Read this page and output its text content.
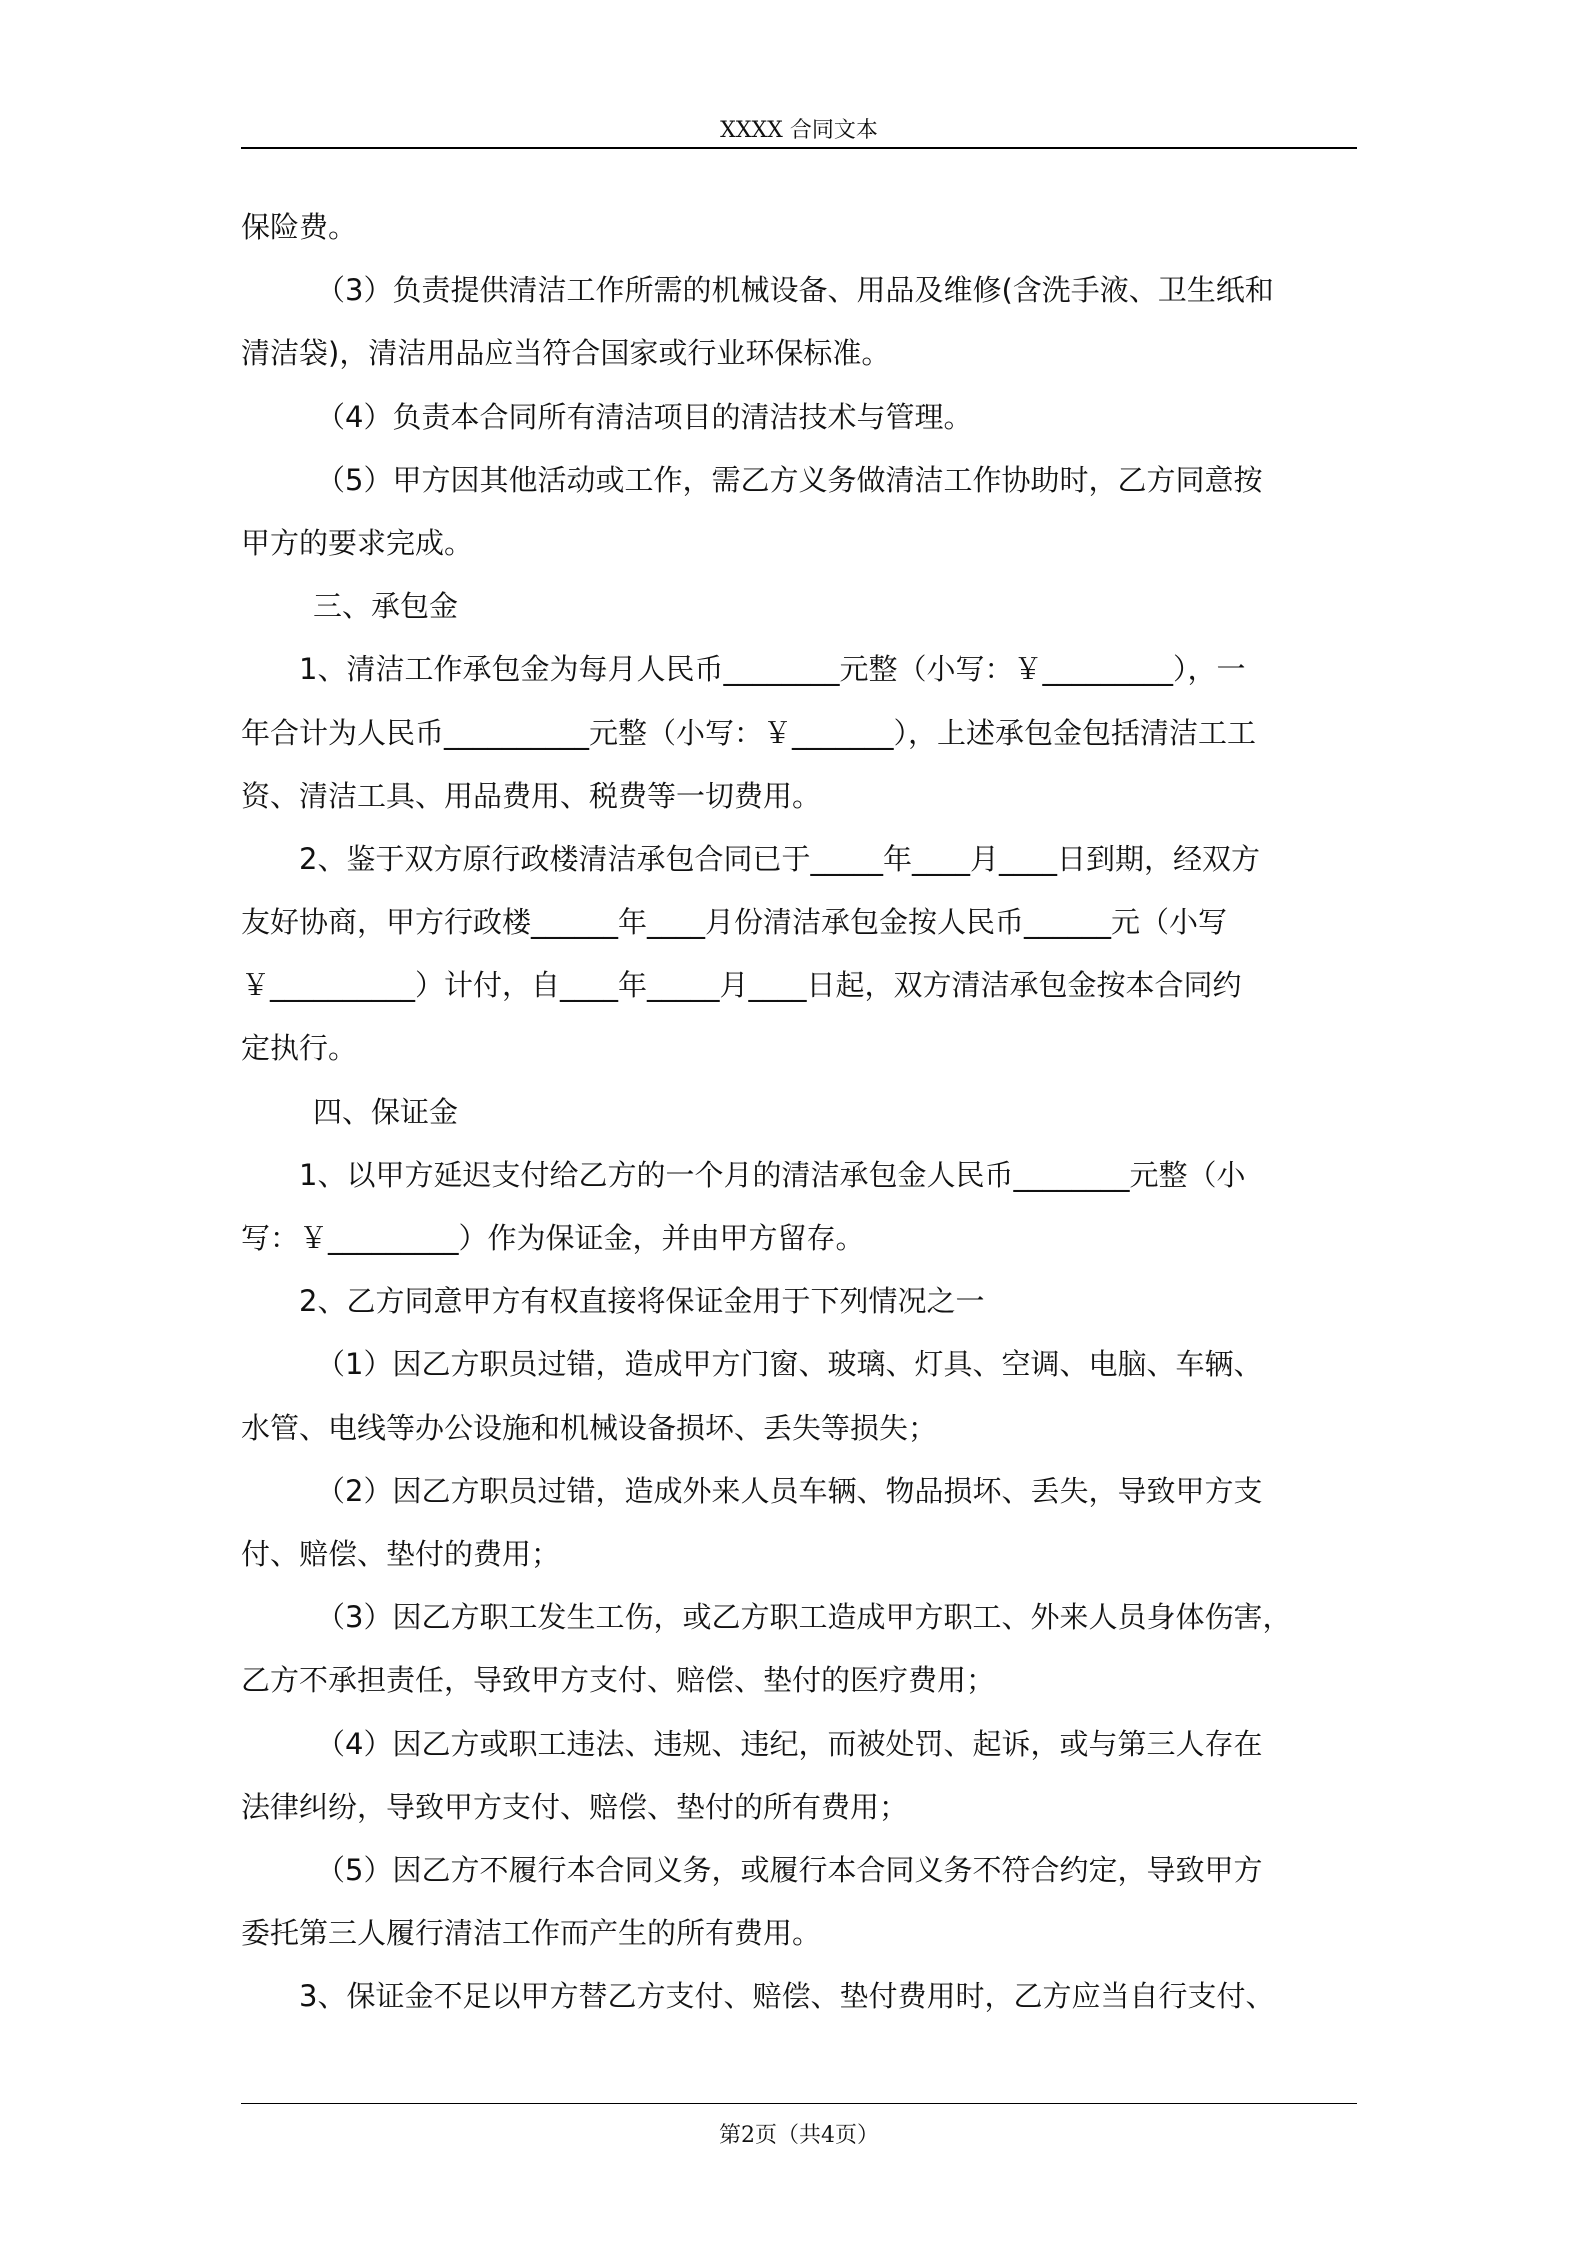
XXXX 合同文本
保险费。
（3）负责提供清洁工作所需的机械设备、用品及维修(含洗手液、卫生纸和
清洁袋)，清洁用品应当符合国家或行业环保标准。
（4）负责本合同所有清洁项目的清洁技术与管理。
（5）甲方因其他活动或工作，需乙方义务做清洁工作协助时，乙方同意按
甲方的要求完成。
三、承包金
1、清洁工作承包金为每月人民币________元整（小写：￥_________），一
年合计为人民币__________元整（小写：￥_______），上述承包金包括清洁工工
资、清洁工具、用品费用、税费等一切费用。
2、鉴于双方原行政楼清洁承包合同已于_____年____月____日到期，经双方
友好协商，甲方行政楼______年____月份清洁承包金按人民币______元（小写
￥__________）计付，自____年_____月____日起，双方清洁承包金按本合同约
定执行。
四、保证金
1、以甲方延迟支付给乙方的一个月的清洁承包金人民币________元整（小
写：￥_________）作为保证金，并由甲方留存。
2、乙方同意甲方有权直接将保证金用于下列情况之一
（1）因乙方职员过错，造成甲方门窗、玻璃、灯具、空调、电脑、车辆、
水管、电线等办公设施和机械设备损坏、丢失等损失；
（2）因乙方职员过错，造成外来人员车辆、物品损坏、丢失，导致甲方支
付、赔偿、垫付的费用；
（3）因乙方职工发生工伤，或乙方职工造成甲方职工、外来人员身体伤害，
乙方不承担责任，导致甲方支付、赔偿、垫付的医疗费用；
（4）因乙方或职工违法、违规、违纪，而被处罚、起诉，或与第三人存在
法律纠纷，导致甲方支付、赔偿、垫付的所有费用；
（5）因乙方不履行本合同义务，或履行本合同义务不符合约定，导致甲方
委托第三人履行清洁工作而产生的所有费用。
3、保证金不足以甲方替乙方支付、赔偿、垫付费用时，乙方应当自行支付、
第2页（共4页）
